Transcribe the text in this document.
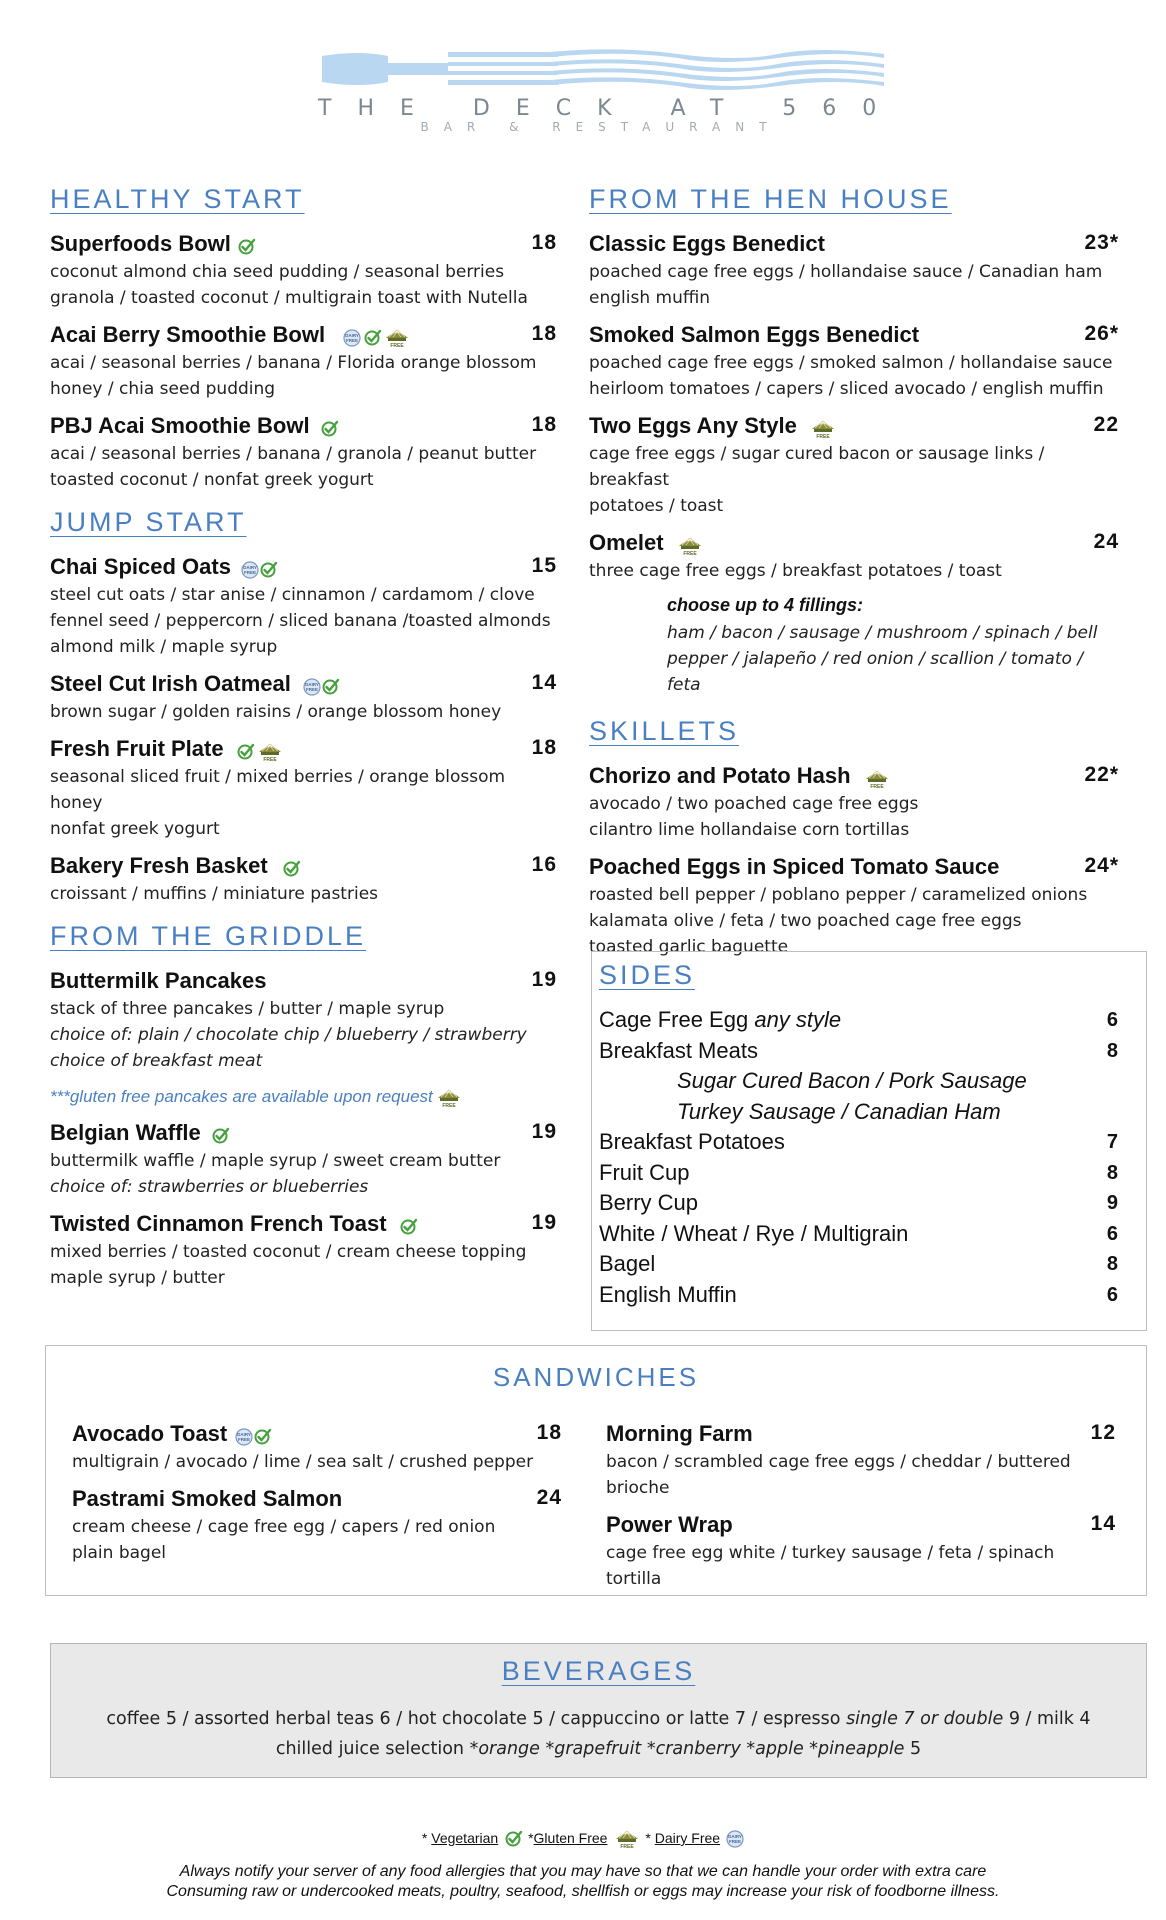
THE DECK AT 560
BAR & RESTAURANT
HEALTHY START
Superfoods Bowl	18
coconut almond chia seed pudding / seasonal berries
granola / toasted coconut / multigrain toast with Nutella
Acai Berry Smoothie Bowl	18
acai / seasonal berries / banana / Florida orange blossom
honey / chia seed pudding
PBJ Acai Smoothie Bowl	18
acai / seasonal berries / banana / granola / peanut butter
toasted coconut / nonfat greek yogurt
JUMP START
Chai Spiced Oats	15
steel cut oats / star anise / cinnamon / cardamom / clove
fennel seed / peppercorn / sliced banana /toasted almonds
almond milk / maple syrup
Steel Cut Irish Oatmeal	14
brown sugar / golden raisins / orange blossom honey
Fresh Fruit Plate	18
seasonal sliced fruit / mixed berries / orange blossom honey
nonfat greek yogurt
Bakery Fresh Basket	16
croissant / muffins / miniature pastries
FROM THE GRIDDLE
Buttermilk Pancakes	19
stack of three pancakes / butter / maple syrup
choice of: plain / chocolate chip / blueberry / strawberry
choice of breakfast meat
***gluten free pancakes are available upon request
Belgian Waffle	19
buttermilk waffle / maple syrup / sweet cream butter
choice of: strawberries or blueberries
Twisted Cinnamon French Toast	19
mixed berries / toasted coconut / cream cheese topping
maple syrup / butter
FROM THE HEN HOUSE
Classic Eggs Benedict	23*
poached cage free eggs / hollandaise sauce / Canadian ham
english muffin
Smoked Salmon Eggs Benedict	26*
poached cage free eggs / smoked salmon / hollandaise sauce
heirloom tomatoes / capers / sliced avocado / english muffin
Two Eggs Any Style	22
cage free eggs / sugar cured bacon or sausage links / breakfast
potatoes / toast
Omelet	24
three cage free eggs / breakfast potatoes / toast
choose up to 4 fillings:
ham / bacon / sausage / mushroom / spinach / bell
pepper / jalapeño / red onion / scallion / tomato / feta
SKILLETS
Chorizo and Potato Hash	22*
avocado / two poached cage free eggs
cilantro lime hollandaise corn tortillas
Poached Eggs in Spiced Tomato Sauce	24*
roasted bell pepper / poblano pepper / caramelized onions
kalamata olive / feta / two poached cage free eggs
toasted garlic baguette
SIDES
Cage Free Egg any style	6
Breakfast Meats	8
Sugar Cured Bacon / Pork Sausage
Turkey Sausage / Canadian Ham
Breakfast Potatoes	7
Fruit Cup	8
Berry Cup	9
White / Wheat / Rye / Multigrain	6
Bagel	8
English Muffin	6
SANDWICHES
Avocado Toast	18
multigrain / avocado / lime / sea salt / crushed pepper
Pastrami Smoked Salmon	24
cream cheese / cage free egg / capers / red onion
plain bagel
Morning Farm	12
bacon / scrambled cage free eggs / cheddar / buttered
brioche
Power Wrap	14
cage free egg white / turkey sausage / feta / spinach
tortilla
BEVERAGES
coffee 5 / assorted herbal teas 6 / hot chocolate 5 / cappuccino or latte 7 / espresso single 7 or double 9 / milk 4
chilled juice selection *orange *grapefruit *cranberry *apple *pineapple 5
* Vegetarian *Gluten Free	* Dairy Free
Always notify your server of any food allergies that you may have so that we can handle your order with extra care
Consuming raw or undercooked meats, poultry, seafood, shellfish or eggs may increase your risk of foodborne illness.
